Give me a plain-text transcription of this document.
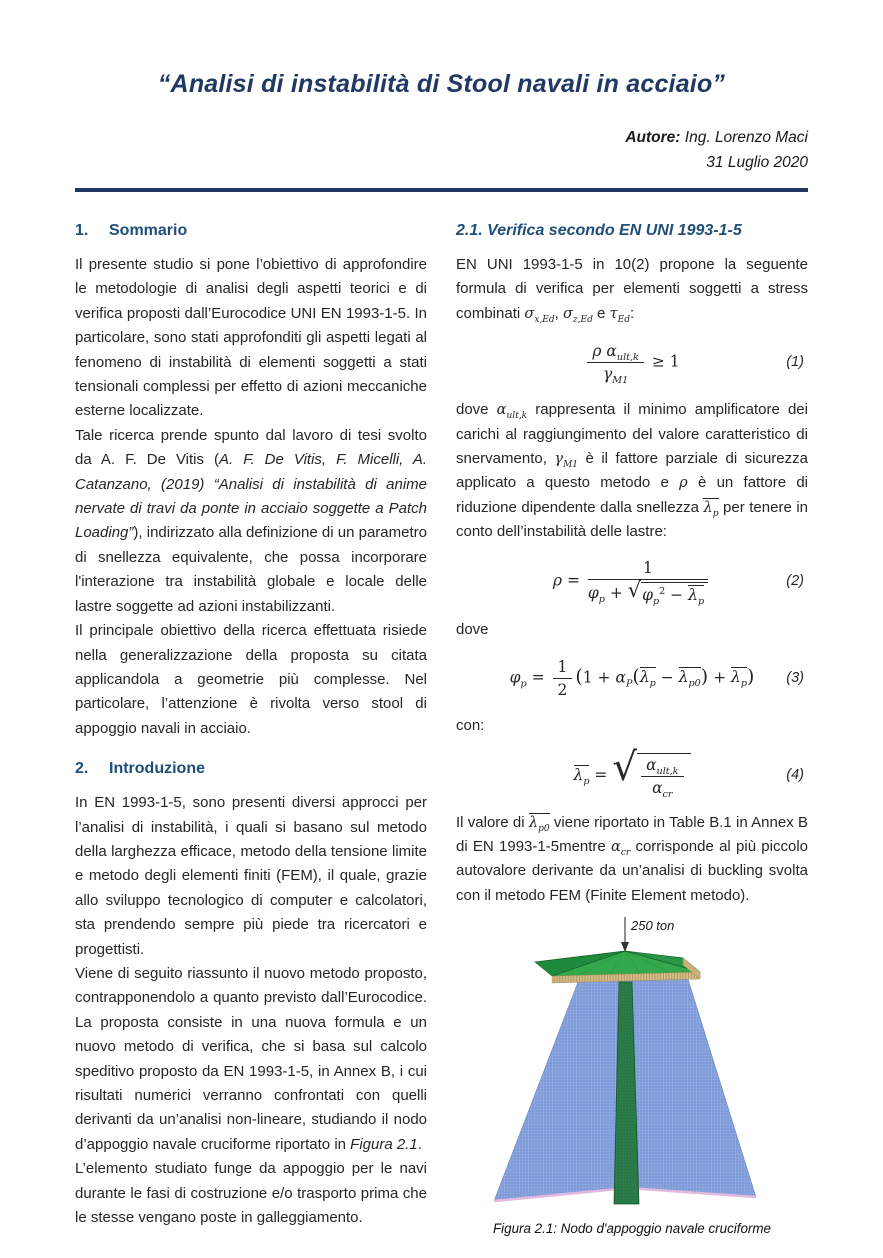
“Analisi di instabilità di Stool navali in acciaio”
Autore: Ing. Lorenzo Maci
31 Luglio 2020
1.	Sommario

Il presente studio si pone l’obiettivo di approfondire le metodologie di analisi degli aspetti teorici e di verifica proposti dall’Eurocodice UNI EN 1993-1-5. In particolare, sono stati approfonditi gli aspetti legati al fenomeno di instabilità di elementi soggetti a stati tensionali complessi per effetto di azioni meccaniche esterne localizzate.

Tale ricerca prende spunto dal lavoro di tesi svolto da A. F. De Vitis (A. F. De Vitis, F. Micelli, A. Catanzano, (2019) “Analisi di instabilità di anime nervate di travi da ponte in acciaio soggette a Patch Loading”), indirizzato alla definizione di un parametro di snellezza equivalente, che possa incorporare l'interazione tra instabilità globale e locale delle lastre soggette ad azioni instabilizzanti.

Il principale obiettivo della ricerca effettuata risiede nella generalizzazione della proposta su citata applicandola a geometrie più complesse. Nel particolare, l’attenzione è rivolta verso stool di appoggio navali in acciaio.

2.	Introduzione

In EN 1993-1-5, sono presenti diversi approcci per l’analisi di instabilità, i quali si basano sul metodo della larghezza efficace, metodo della tensione limite e metodo degli elementi finiti (FEM), il quale, grazie allo sviluppo tecnologico di computer e calcolatori, sta prendendo sempre più piede tra ricercatori e progettisti.

Viene di seguito riassunto il nuovo metodo proposto, contrapponendolo a quanto previsto dall’Eurocodice. La proposta consiste in una nuova formula e un nuovo metodo di verifica, che si basa sul calcolo speditivo proposto da EN 1993-1-5, in Annex B, i cui risultati numerici verranno confrontati con quelli derivanti da un’analisi non-lineare, studiando il nodo d’appoggio navale cruciforme riportato in Figura 2.1.

L’elemento studiato funge da appoggio per le navi durante le fasi di costruzione e/o trasporto prima che le stesse vengano poste in galleggiamento.

2.1. Verifica secondo EN UNI 1993-1-5

EN UNI 1993-1-5 in 10(2) propone la seguente formula di verifica per elementi soggetti a stress combinati $\sigma_{x,Ed}$, $\sigma_{z,Ed}$ e $\tau_{Ed}$:

$\frac{\rho \alpha_{ult,k}}{\gamma_{M1}} \ge 1$	(1)

dove $\alpha_{ult,k}$ rappresenta il minimo amplificatore dei carichi al raggiungimento del valore caratteristico di snervamento, $\gamma_{M1}$ è il fattore parziale di sicurezza applicato a questo metodo e ρ è un fattore di riduzione dipendente dalla snellezza $\lambda_p$ per tenere in conto dell’instabilità delle lastre:

$\rho = \frac{1}{\varphi_p + √ \varphi_p^2 - \lambda_p}$	(2)

dove

$\varphi_p = \frac{1}{2} (1 + \alpha_P(\lambda_p - \lambda_{p0}) + \lambda_p)$ (3)

con:

$\lambda_p$ = √ $\frac{\alpha_{ult,k}}{\alpha_{cr}}$	(4)

Il valore di $\lambda_{p0}$ viene riportato in Table B.1 in Annex B di EN 1993-1-5mentre $\alpha_{cr}$ corrisponde al più piccolo autovalore derivante da un’analisi di buckling svolta con il metodo FEM (Finite Element metodo).

250 ton
Figura 2.1: Nodo d'appoggio navale cruciforme
